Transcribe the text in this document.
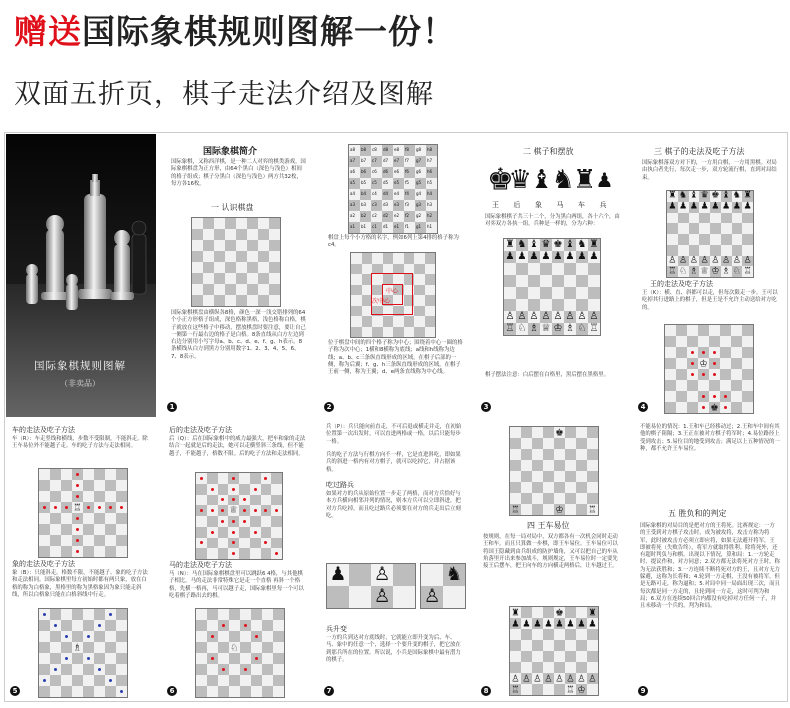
赠送国际象棋规则图解一份！
双面五折页，棋子走法介绍及图解
国际象棋规则图解
（非卖品）
国际象棋简介
国际象棋，又称西洋棋，是一种二人对弈的棋类游戏。国际象棋棋盘为正方形，由64个黑白（深色与浅色）相间的格子组成；棋子分黑白（深色与浅色）两方共32枚，每方各16枚。
一 认识棋盘
国际象棋棋盘由横纵各8格，颜色一深一浅交错排列的64个小正方形格子组成，深色格称黑格，浅色格称白格，棋子就放在这些格子中移动，摆放棋盘时要注意，要让自己一侧第一行最右边的格子是白格。8条直线从白方左边到右边分别用小写字母a、b、c、d、e、f、g、h表示。8条横线从白方到黑方分别用数字1、2、3、4、5、6、7、8表示。
1
a8 b8 c8 d8 e8 f8 g8 h8
a7 b7 c7 d7 e7 f7 g7 h7
a6 b6 c6 d6 e6 f6 g6 h6
a5 b5 c5 d5 e5 f5 g5 h5
a4 b4 c4 d4 e4 f4 g4 h4
a3 b3 c3 d3 e3 f3 g3 h3
a2 b2 c2 d2 e2 f2 g2 h2
a1 b1 c1 d1 e1 f1 g1 h1
棋盘上每个小方格的名字，例如6列上第4排的格子称为c4。
中心
次中心
位于棋盘中间的四个格子称为中心；围绕着中心一圈的格子称为次中心；1横和8横称为底线；a线和h线称为边线；a、b、c三条纵直线形成的区域，在棋子后部的一侧，称为后翼；f、g、h三条纵直线形成的区域，在棋子王前一侧，称为王翼；d、e两条直线称为中心线。
2
二 棋子和摆放
♚
♛
♝
♞
♜ ♟
王 后 象 马 车 兵
国际象棋棋子共三十二个，分为黑白两组，各十六个，由对弈双方各执一组，兵种是一样的，分为六种：
♜ ♞ ♝ ♛ ♚ ♝ ♞ ♜
♟ ♟ ♟ ♟ ♟ ♟ ♟ ♟
♙ ♙ ♙ ♙ ♙ ♙ ♙ ♙
♖ ♘ ♗ ♕ ♔ ♗ ♘ ♖
棋子摆法注意：白后摆在白格里，黑后摆在黑格里。
3
三 棋子的走法及吃子方法
国际象棋落双方对下的，一方用白棋，一方用黑棋。对局由执白者先行，每次走一步，双方轮流行棋，直到对局结束。
♜ ♞ ♝ ♛ ♚ ♝ ♞ ♜
♟ ♟ ♟ ♟ ♟ ♟ ♟ ♟
♙ ♙ ♙ ♙ ♙ ♙ ♙ ♙
♖ ♘ ♗ ♕ ♔ ♗ ♘ ♖
王的走法及吃子方法
王（K）：横、直、斜都可以走，但每次限走一步。王可以吃掉其行进路上的棋子，但是王是不允许主动送给对方吃的。
♔
♚
4
车的走法及吃子方法
车（R）：车走竖线和横线，步数不受限制，不能斜走。除王车易位外不能越子走。车的吃子方法与走法相同。
♖
象的走法及吃子方法
象（B）：只能斜走。格数不限，不能越子。象的吃子方法和走法相同。国际象棋里每方初始时都有两只象，放在白格的称为白格象，黑格里的称为黑格象因为象只能走斜线，所以白格象只能在白格斜线中行走。
♗
5
后的走法及吃子方法
后（Q）：后在国际象棋中的威力最强大，把车和象的走法结合一起就是后的走法，她可以走横竖斜三条线，但不能越子，不能越子，格数不限。后的吃子方法和走法相同。
♕
马的走法及吃子方法
马（N）：马在国际象棋棋盘里可以跳跃6 4格，与其他棋子相比，马的走法非常特殊它是走一个直格 再斜一个格格，先横一格再，马可以越子走，国际象棋里每一个可以吃着棋子路出去的棋。
♘
6
兵（P）：兵只能向前直走，不可后退或横走并走，在初始位置第一次出发时，可以直进两格或一格，以后只能每步一格。
兵的吃子方法与行棋方向不一样，它是直进斜吃，即如果兵的斜进一格内有对方棋子，就可以吃掉它，并占据该格。
吃过路兵
如果对方的兵从原始位置一步走了两格，而对方兵恰好与本方兵横向相邻并列的情况，则本方兵可以立即斜进，把对方兵吃掉，而且吃过路兵必须要在对方的兵走出后立刻吃。
♟ ♙
♙
♞
♙
兵升变
一方的兵到达对方底线时，它就能立即升变为后、车、马、象中的任意一个，选择一个要升变的棋子，把它放在到那兵所在的位置。所以说，小兵是国际象棋中最有潜力的棋子。
7
♚
♖	♔	♖
四 王车易位
按规则，在每一局对局中，双方都各有一次机会同时走动王和车，而且只算做一步棋，即王车易位。王车易位可以将国王隐藏到由兵组成的防护墙角，又可以把自己的车从角落里开出来参加战斗，规则规定，王车易位时一定要先接王后摆车，把王向车的方向横走两格后，让车越过王。
♜	♚	♜
♟ ♟ ♟ ♟ ♟ ♟ ♟ ♟
♙ ♙ ♙ ♙ ♙ ♙ ♙ ♙
♖	♖ ♔
8
不能易位的情况：1.王和车已经移动过；2.王和车中间有其他的棋子阻隔；3.王正在被对方棋子将军时；4.易位路径上受到攻击；5.易位目的地受到攻击；满足以上五种情况的一种，都不允许王车易位。
五 胜负和的判定
国际象棋的对局目的是把对方的王将死。比赛规定：一方的王受到对方棋子攻击时，成为被攻将，攻击方称为将军，此时被攻击方必须立即应将，如果无法避开将军，王即被将死（失败告终），将军方就取得胜利。除将死外，还有超时判负与和棋。出现以下情况，算和局：1.一方轮走时，提议作和，对方同意；2.双方都无法将死对方王时，称为无法获胜和；3.一方连续不断将死对方的王，且对方无力躲避，这称为长将和；4.轮到一方走棋，王没有被将军，但是无路可走，称为逼和；5.对局中同一局面出现三次，而且每次都是同一方走的，且轮到同一方走，这时可判为和局；6.双方在连续50回合内都没有吃掉对方任何一子，并且未移动一个兵的，判为和局。
9
